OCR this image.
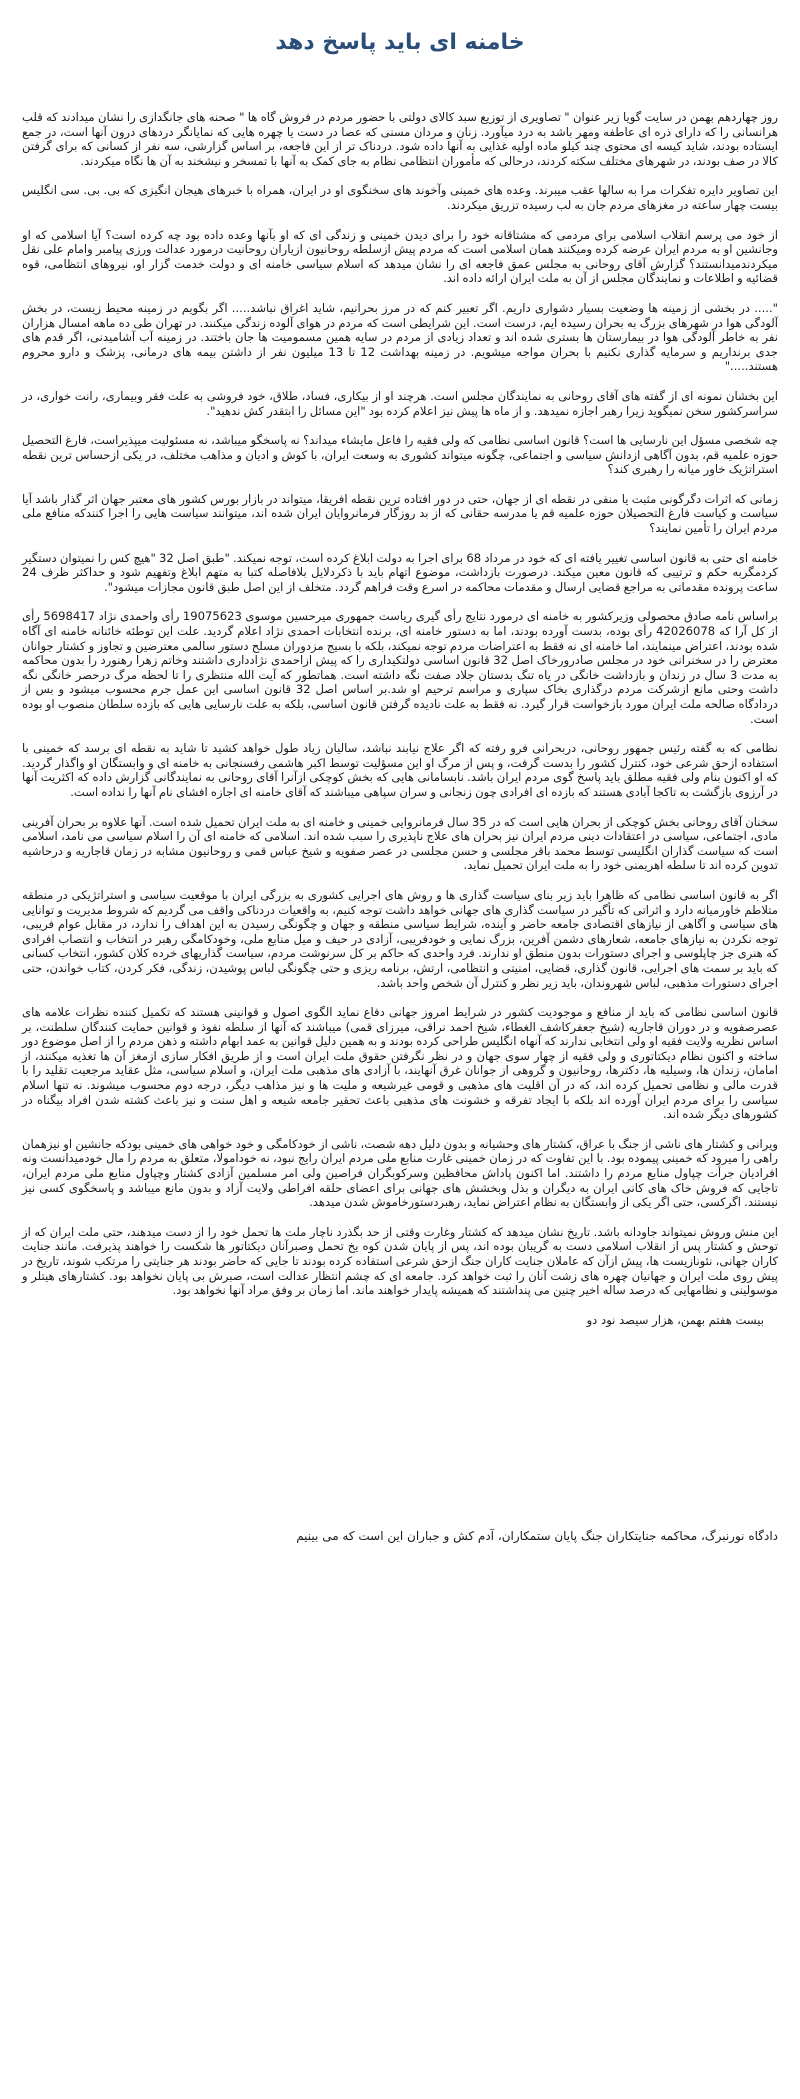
خامنه ای باید پاسخ دهد
روز چهاردهم بهمن در سایت گویا زیر عنوان " تصاویری از توزیع سبد کالای دولتی با حضور مردم در فروش گاه ها " صحنه های جانگدازی را نشان میدادند که قلب هرانسانی را که دارای ذره ای عاطفه ومهر باشد به درد میآورد. زنان و مردان مسنی که عصا در دست یا چهره هایی که نمایانگر دردهای درون آنها است، در جمع ایستاده بودند، شاید کیسه ای محتوی چند کیلو ماده اولیه غذایی به آنها داده شود. دردناک تر از این فاجعه، بر اساس گزارشی، سه نفر از کسانی که برای گرفتن کالا در صف بودند، در شهرهای مختلف سکته کردند، درحالی که مأموران انتظامی نظام به جای کمک به آنها با تمسخر و نیشخند به آن ها نگاه میکردند.
این تصاویر دایره تفکرات مرا به سالها عقب میبرند. وعده های خمینی وآخوند های سخنگوی او در ایران، همراه با خبرهای هیجان انگیزی که بی. بی. سی انگلیس بیست چهار ساعته در مغزهای مردم جان به لب رسیده تزریق میکردند.
از خود می پرسم انقلاب اسلامی برای مردمی که مشتاقانه خود را برای دیدن خمینی و زندگی ای که او بآنها وعده داده بود چه کرده است؟ آیا اسلامی که او وجانشین او به مردم ایران عرضه کرده ومیکنند همان اسلامی است که مردم پیش ازسلطه روحانیون ازیاران روحانیت درمورد عدالت ورزی پیامبر وامام علی نقل میکردندمیدانستند؟ گزارش آقای روحانی به مجلس عمق فاجعه ای را نشان میدهد که اسلام سیاسی خامنه ای و دولت خدمت گزار او، نیروهای انتظامی، قوه قضائیه و اطلاعات و نمایندگان مجلس از آن به ملت ایران ارائه داده اند.
"..... در بخشی از زمینه ها وضعیت بسیار دشواری داریم. اگر تعبیر کنم که در مرز بحرانیم، شاید اغراق نباشد..... اگر بگویم در زمینه محیط زیست، در بخش آلودگی هوا در شهرهای بزرگ به بحران رسیده ایم، درست است. این شرایطی است که مردم در هوای آلوده زندگی میکنند. در تهران طی ده ماهه امسال هزاران نفر به خاطر آلودگی هوا در بیمارستان ها بستری شده اند و تعداد زیادی از مردم در سایه همین مسمومیت ها جان باختند. در زمینه آب آشامیدنی، اگر قدم های جدی برنداریم و سرمایه گذاری نکنیم با بحران مواجه میشویم. در زمینه بهداشت 12 تا 13 میلیون نفر از داشتن بیمه های درمانی، پزشک و دارو محروم هستند....."
این بخشان نمونه ای از گفته های آقای روحانی به نمایندگان مجلس است. هرچند او از بیکاری، فساد، طلاق، خود فروشی به علت فقر وبیماری، رانت خواری، در سراسرکشور سخن نمیگوید زیرا رهبر اجازه نمیدهد. و از ماه ها پیش نیز اعلام کرده بود "این مسائل را ابتقدر کش ندهید".
چه شخصی مسؤل این نارسایی ها است؟ قانون اساسی نظامی که ولی فقیه را فاعل مایشاء میداند؟ نه پاسخگو میباشد، نه مسئولیت میپذیراست، فارغ التحصیل حوزه علمیه قم، بدون آگاهی ازدانش سیاسی و اجتماعی، چگونه میتواند کشوری به وسعت ایران، با کوش و ادیان و مذاهب مختلف، در یکی ازحساس ترین نقطه استراتژیک خاور میانه را رهبری کند؟
زمانی که اثرات دگرگونی مثبت یا منفی در نقطه ای از جهان، حتی در دور افتاده ترین نقطه افریقا، میتواند در بازار بورس کشور های معتبر جهان اثر گذار باشد آیا سیاست و کیاست فارغ التحصیلان حوزه علمیه قم یا مدرسه حقانی که از بد روزگار فرمانروایان ایران شده اند، میتوانند سیاست هایی را اجرا کنندکه منافع ملی مردم ایران را تأمین نمایند؟
خامنه ای حتی به قانون اساسی تغییر یافته ای که خود در مرداد 68 برای اجرا به دولت ابلاغ کرده است، توجه نمیکند. "طبق اصل 32 "هیچ کس را نمیتوان دستگیر کردمگربه حکم و ترتیبی که قانون معین میکند. درصورت بازداشت، موضوع اتهام باید با ذکردلایل بلافاصله کتبا به متهم ابلاغ وتفهیم شود و حداکثر ظرف 24 ساعت پرونده مقدماتی به مراجع قضایی ارسال و مقدمات محاکمه در اسرع وقت فراهم گردد. متخلف از این اصل طبق قانون مجازات میشود".
براساس نامه صادق محصولی وزیرکشور به خامنه ای درمورد نتایج رأی گیری ریاست جمهوری میرحسین موسوی 19075623 رأی واحمدی نژاد 5698417 رأی از کل آرا که 42026078 رأی بوده، بدست آورده بودند، اما به دستور خامنه ای، برنده انتخابات احمدی نژاد اعلام گردید. علت این توطئه خائنانه خامنه ای آگاه شده بودند، اعتراض مینمایند، اما خامنه ای نه فقط به اعتراضات مردم توجه نمیکند، بلکه با بسیج مزدوران مسلح دستور سالمی معترضین و تجاوز و کشتار جوانان معترض را در سخنرانی خود در مجلس صادرورخاک اصل 32 قانون اساسی دولتکیداری را که پیش ازاحمدی نژادداری داشتند وخاتم زهرا رهنورد را بدون محاکمه به مدت 3 سال در زندان و بازداشت خانگی در یاه تنگ بدستان جلاد صفت نگه داشته است. هماتطور که آیت الله منتظری را تا لحظه مرگ درحصر خانگی نگه داشت وحتی مانع ازشرکت مردم درگذاری بخاک سپاری و مراسم ترحیم او شد.بر اساس اصل 32 قانون اساسی این عمل جرم محسوب میشود و بس از دردادگاه صالحه ملت ایران مورد بازخواست قرار گیرد. نه فقط به علت نادیده گرفتن قانون اساسی، بلکه به علت نارسایی هایی که بازده سلطان منصوب او بوده است.
نظامی که به گفته رئیس جمهور روحانی، دربحرانی فرو رفته که اگر علاج نیابند نباشد، سالیان زیاد طول خواهد کشید تا شاید به نقطه ای برسد که خمینی با استفاده ازحق شرعی خود، کنترل کشور را بدست گرفت، و پس از مرگ او این مسؤلیت توسط اکبر هاشمی رفسنجانی به خامنه ای و وابستگان او واگذار گردید. که او اکنون بنام ولی فقیه مطلق باید پاسخ گوی مردم ایران باشد. نابسامانی هایی که بخش کوچکی ازآنرا آقای روحانی به نمایندگانی گزارش داده که اکثریت آنها در آرزوی بازگشت به تاکجا آبادی هستند که بازده ای افرادی چون زنجانی و سران سپاهی میباشند که آقای خامنه ای اجازه افشای نام آنها را نداده است.
سخنان آقای روحانی بخش کوچکی از بحران هایی است که در 35 سال فرمانروایی خمینی و خامنه ای به ملت ایران تحمیل شده است. آنها علاوه بر بحران آفرینی مادی، اجتماعی، سیاسی در اعتقادات دینی مردم ایران نیز بحران های علاج ناپذیری را سبب شده اند. اسلامی که خامنه ای آن را اسلام سیاسی می نامد، اسلامی است که سیاست گذاران انگلیسی توسط محمد باقر مجلسی و حسن مجلسی در عصر صفویه و شیخ عباس قمی و روحانیون مشابه در زمان قاجاریه و درحاشیه تدوین کرده اند تا سلطه اهریمنی خود را به ملت ایران تحمیل نماید.
اگر به قانون اساسی نظامی که ظاهرا باید زیر بنای سیاست گذاری ها و روش های اجرایی کشوری به بزرگی ایران با موقعیت سیاسی و استراتژیکی در منطقه متلاطم خاورمیانه دارد و اثراتی که تأگیر در سیاست گذاری های جهانی خواهد داشت توجه کنیم، به واقعیات دردناکی واقف می گردیم که شروط مدیریت و توانایی های سیاسی و آگاهی از نیازهای اقتصادی جامعه حاضر و آینده، شرایط سیاسی منطقه و جهان و چگونگی رسیدن به این اهداف را ندارد، در مقابل عوام فریبی، توجه نکردن به نیازهای جامعه، شعارهای دشمن آفرین، بزرگ نمایی و خودفریبی، آزادی در حیف و میل منابع ملی، وخودکامگی رهبر در انتخاب و انتصاب افرادی که هنری جز چاپلوسی و اجرای دستورات بدون منطق او ندارند. فرد واحدی که حاکم بر کل سرنوشت مردم، سیاست گذاریهای خرده کلان کشور، انتخاب کسانی که باید بر سمت های اجرایی، قانون گذاری، قضایی، امنیتی و انتظامی، ارتش، برنامه ریزی و حتی چگونگی لباس پوشیدن، زندگی، فکر کردن، کتاب خواندن، حتی اجرای دستورات مذهبی، لباس شهروندان، باید زیر نظر و کنترل آن شخص واحد باشد.
قانون اساسی نظامی که باید از منافع و موجودیت کشور در شرایط امروز جهانی دفاع نماید الگوی اصول و قوانینی هستند که تکمیل کننده نظرات علامه های عصرصفویه و در دوران قاجاریه (شیخ جعفرکاشف الغطاء، شیخ احمد نراقی، میرزای قمی) میباشند که آنها از سلطه نفوذ و قوانین حمایت کنندگان سلطنت، بر اساس نظریه ولایت فقیه او ولی انتخابی ندارند که آنهاه انگلیس طراحی کرده بودند و به همین دلیل قوانین به عمد ابهام داشته و ذهن مردم را از اصل موضوع دور ساخته و اکنون نظام دیکتاتوری و ولی فقیه از چهار سوی جهان و در نظر نگرفتن حقوق ملت ایران است و از طریق افکار سازی ازمغز آن ها تغذیه میکنند، از امامان، زندان ها، وسیلیه ها، دکترها، روحانیون و گروهی از جوانان غرق آنهایند، با آزادی های مذهبی ملت ایران، و اسلام سیاسی، مثل عقاید مرجعیت تقلید را با قدرت مالی و نظامی تحمیل کرده اند، که در آن اقلیت های مذهبی و قومی غیرشیعه و ملیت ها و نیز مذاهب دیگر، درجه دوم محسوب میشوند. نه تنها اسلام سیاسی را برای مردم ایران آورده اند بلکه با ایجاد تفرقه و خشونت های مذهبی باعث تحقیر جامعه شیعه و اهل سنت و نیز باعث کشته شدن افراد بیگناه در کشورهای دیگر شده اند.
ویرانی و کشتار های ناشی از جنگ با عراق، کشتار های وحشیانه و بدون دلیل دهه شصت، ناشی از خودکامگی و خود خواهی های خمینی بودکه جانشین او نیزهمان راهی را میرود که خمینی پیموده بود. با این تفاوت که در زمان خمینی غارت منابع ملی مردم ایران رایج نبود، نه خودامولا، متعلق به مردم را مال خودمیدانست ونه افرادیان جرأت چپاول منابع مردم را داشتند. اما اکنون پاداش محافظین وسرکوبگران فراصین ولی امر مسلمین آزادی کشتار وچپاول منابع ملی مردم ایران، تاجایی که فروش خاک های کانی ایران به دیگران و بذل وبخشش های جهانی برای اعضای حلقه افراطی ولایت آزاد و بدون مانع میباشد و پاسخگوی کسی نیز نیستند. اگرکسی، حتی اگر یکی از وابستگان به نظام اعتراض نماید، رهبردستورخاموش شدن میدهد.
این منش وروش نمیتواند جاودانه باشد. تاریخ نشان میدهد که کشتار وغارت وقتی از حد بگذرد ناچار ملت ها تحمل خود را از دست میدهند، حتی ملت ایران که از توحش و کشتار پس از انقلاب اسلامی دست به گریبان بوده اند، پس از پایان شدن کوه یخ تحمل وصبرآنان دیکتاتور ها شکست را خواهند پذیرفت. مانند جنایت کاران جهانی، نئونازیست ها، پیش ازآن که عاملان جنایت کاران جنگ ازحق شرعی استفاده کرده بودند تا جایی که حاضر بودند هر جنایتی را مرتکب شوند، تاریخ در پیش روی ملت ایران و جهانیان چهره های زشت آنان را ثبت خواهد کرد. جامعه ای که چشم انتظار عدالت است، صبرش بی پایان نخواهد بود. کشتارهای هیتلر و موسولینی و نظامهایی که درصد ساله اخیر چنین می پنداشتند که همیشه پایدار خواهند ماند. اما زمان بر وفق مراد آنها نخواهد بود.
بیست هفتم بهمن، هزار سیصد نود دو
دادگاه نورنبرگ، محاکمه جنایتکاران جنگ پایان ستمکاران، آدم کش و جباران این است که می بینیم
